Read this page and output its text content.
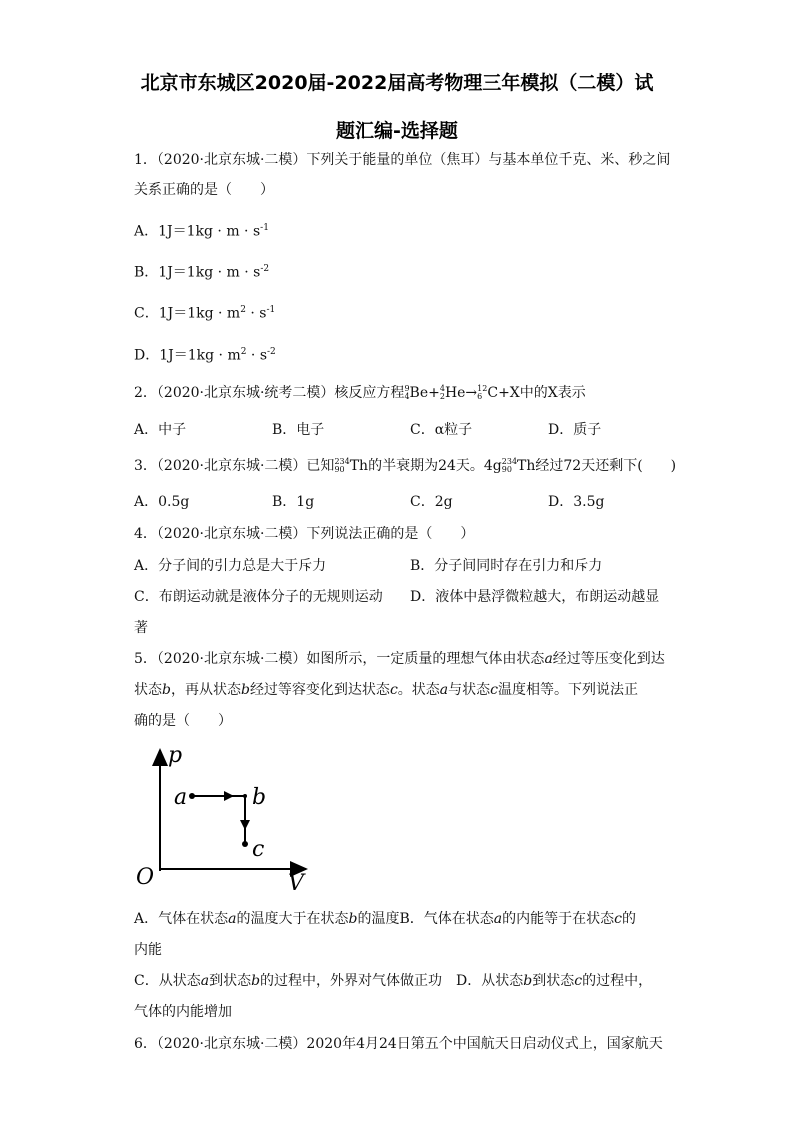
北京市东城区2020届-2022届高考物理三年模拟（二模）试
题汇编-选择题
1．（2020·北京东城·二模）下列关于能量的单位（焦耳）与基本单位千克、米、秒之间
关系正确的是（　　）
A．$1J=1kg \cdot m \cdot s^{-1}$
B．$1J=1kg \cdot m \cdot s^{-2}$
C．$1J=1kg \cdot m^2 \cdot s^{-1}$
D．$1J=1kg \cdot m^2 \cdot s^{-2}$
2．（2020·北京东城·统考二模）核反应方程 9
4 Be+ 4
2 He→ 12
6 C+X中的X表示
A．中子	B．电子	C．α粒子	D．质子
3．（2020·北京东城·二模）已知 234
90 Th的半衰期为24天。4g 234
90 Th经过72天还剩下(　　)
A．0.5g	B．1g	C．2g	D．3.5g
4．（2020·北京东城·二模）下列说法正确的是（　　）
A．分子间的引力总是大于斥力	B．分子间同时存在引力和斥力
C．布朗运动就是液体分子的无规则运动 D．液体中悬浮微粒越大，布朗运动越显
著
5．（2020·北京东城·二模）如图所示，一定质量的理想气体由状态a经过等压变化到达
状态b，再从状态b经过等容变化到达状态c。状态a与状态c温度相等。下列说法正
确的是（　　）
p
V
O
a	b
c
A．气体在状态a的温度大于在状态b的温度B．气体在状态a的内能等于在状态c的
内能
C．从状态a到状态b的过程中，外界对气体做正功　D．从状态b到状态c的过程中，
气体的内能增加
6．（2020·北京东城·二模）2020年4月24日第五个中国航天日启动仪式上，国家航天
